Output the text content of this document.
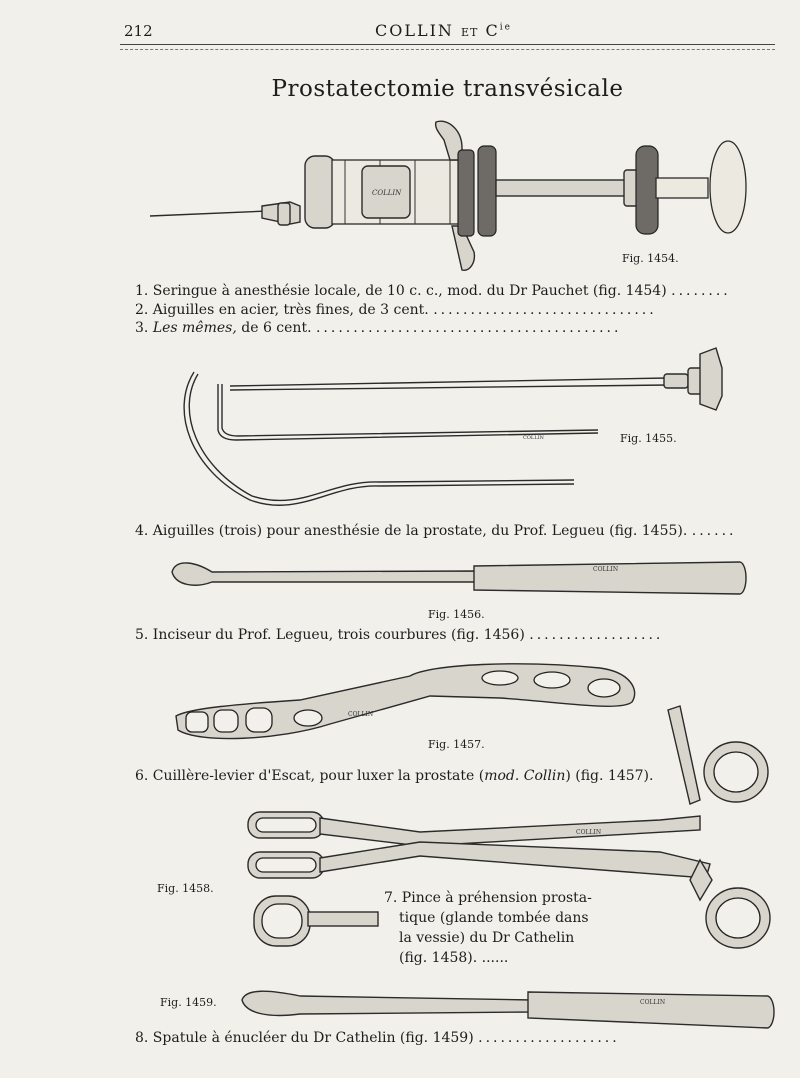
212	COLLIN ET $C^{ie}$
Prostatectomie transvésicale
COLLIN
COLLIN
COLLIN
COLLIN
COLLIN
COLLIN
Fig. 1454.
Fig. 1455.
Fig. 1456.
Fig. 1457.
Fig. 1458.
Fig. 1459.
1. Seringue à anesthésie locale, de 10 c. c., mod. du Dr Pauchet (fig. 1454) ........
2. Aiguilles en acier, très fines, de 3 cent. ..............................
3. Les mêmes, de 6 cent. .........................................
4. Aiguilles (trois) pour anesthésie de la prostate, du Prof. Legueu (fig. 1455). ......
5. Inciseur du Prof. Legueu, trois courbures (fig. 1456) ..................
6. Cuillère-levier d'Escat, pour luxer la prostate (mod. Collin) (fig. 1457).
7. Pince à préhension prosta-
tique (glande tombée dans
la vessie) du Dr Cathelin
(fig. 1458). ......
8. Spatule à énucléer du Dr Cathelin (fig. 1459) ...................
